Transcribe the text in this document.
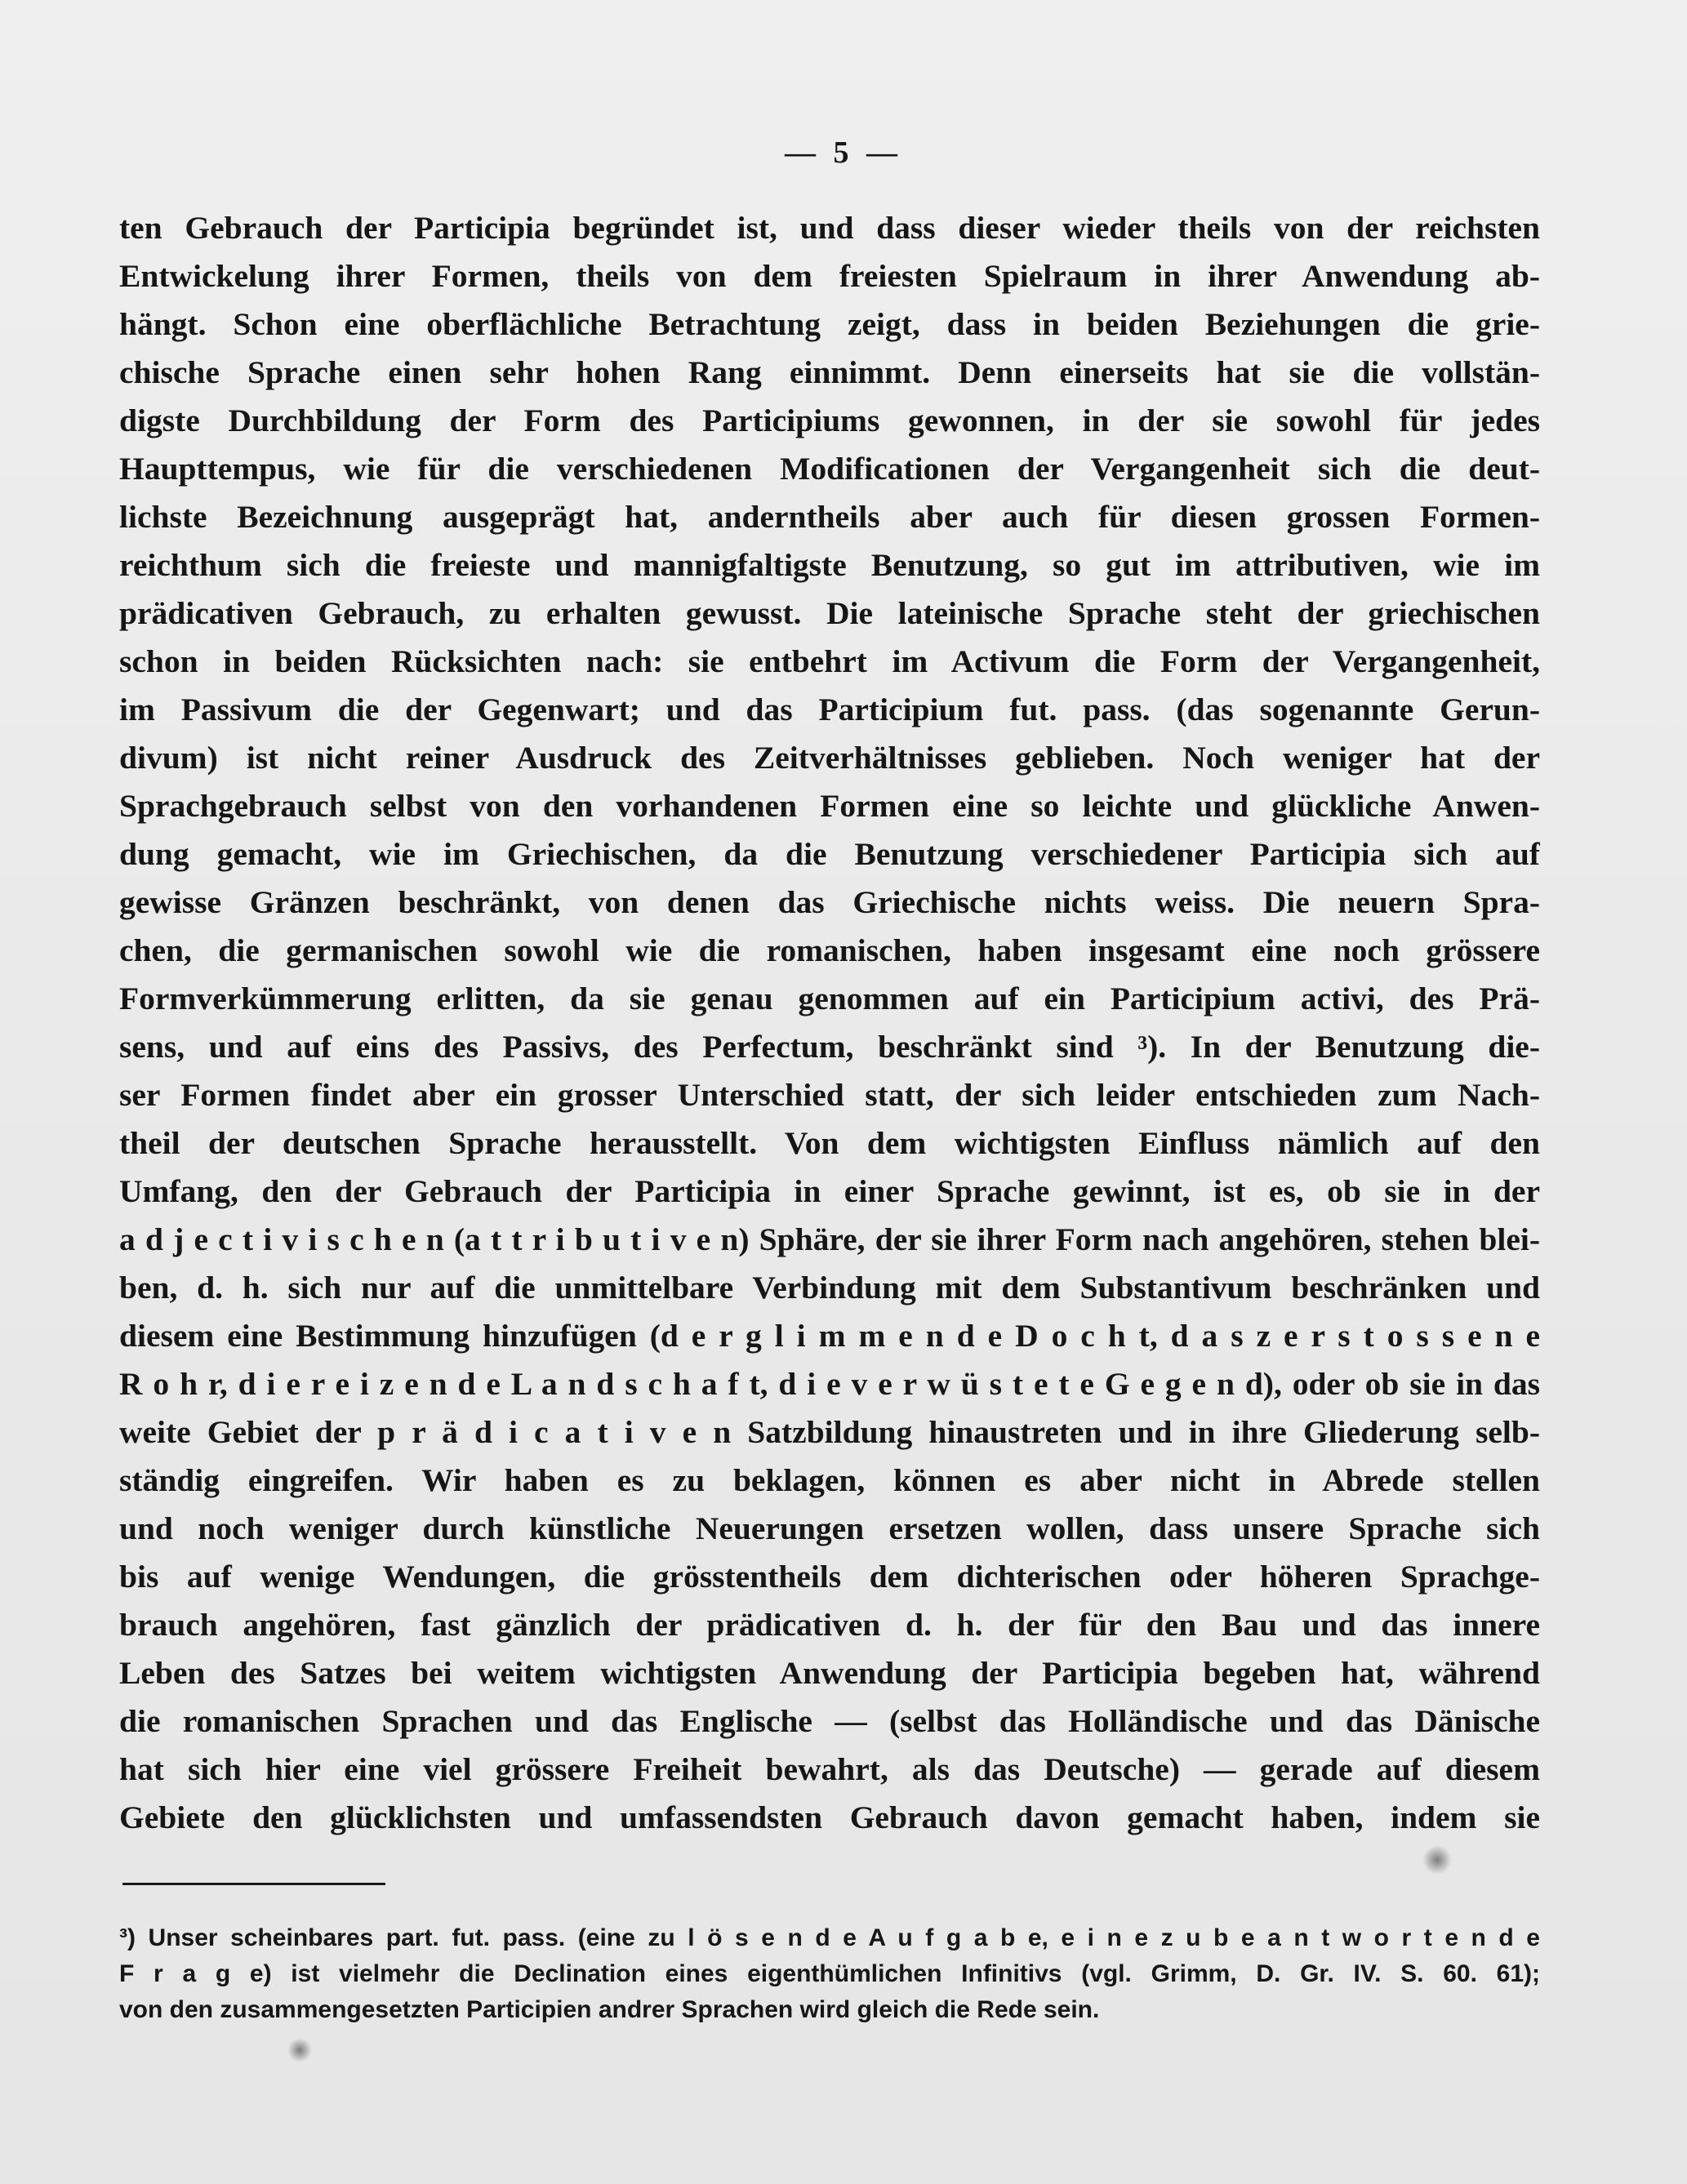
— 5 —
ten Gebrauch der Participia begründet ist, und dass dieser wieder theils von der reichsten
Entwickelung ihrer Formen, theils von dem freiesten Spielraum in ihrer Anwendung ab-
hängt. Schon eine oberflächliche Betrachtung zeigt, dass in beiden Beziehungen die grie-
chische Sprache einen sehr hohen Rang einnimmt. Denn einerseits hat sie die vollstän-
digste Durchbildung der Form des Participiums gewonnen, in der sie sowohl für jedes
Haupttempus, wie für die verschiedenen Modificationen der Vergangenheit sich die deut-
lichste Bezeichnung ausgeprägt hat, anderntheils aber auch für diesen grossen Formen-
reichthum sich die freieste und mannigfaltigste Benutzung, so gut im attributiven, wie im
prädicativen Gebrauch, zu erhalten gewusst. Die lateinische Sprache steht der griechischen
schon in beiden Rücksichten nach: sie entbehrt im Activum die Form der Vergangenheit,
im Passivum die der Gegenwart; und das Participium fut. pass. (das sogenannte Gerun-
divum) ist nicht reiner Ausdruck des Zeitverhältnisses geblieben. Noch weniger hat der
Sprachgebrauch selbst von den vorhandenen Formen eine so leichte und glückliche Anwen-
dung gemacht, wie im Griechischen, da die Benutzung verschiedener Participia sich auf
gewisse Gränzen beschränkt, von denen das Griechische nichts weiss. Die neuern Spra-
chen, die germanischen sowohl wie die romanischen, haben insgesamt eine noch grössere
Formverkümmerung erlitten, da sie genau genommen auf ein Participium activi, des Prä-
sens, und auf eins des Passivs, des Perfectum, beschränkt sind ³). In der Benutzung die-
ser Formen findet aber ein grosser Unterschied statt, der sich leider entschieden zum Nach-
theil der deutschen Sprache herausstellt. Von dem wichtigsten Einfluss nämlich auf den
Umfang, den der Gebrauch der Participia in einer Sprache gewinnt, ist es, ob sie in der
a d j e c t i v i s c h e n (a t t r i b u t i v e n) Sphäre, der sie ihrer Form nach angehören, stehen blei-
ben, d. h. sich nur auf die unmittelbare Verbindung mit dem Substantivum beschränken und
diesem eine Bestimmung hinzufügen (d e r g l i m m e n d e D o c h t, d a s z e r s t o s s e n e
R o h r, d i e r e i z e n d e L a n d s c h a f t, d i e v e r w ü s t e t e G e g e n d), oder ob sie in das
weite Gebiet der p r ä d i c a t i v e n Satzbildung hinaustreten und in ihre Gliederung selb-
ständig eingreifen. Wir haben es zu beklagen, können es aber nicht in Abrede stellen
und noch weniger durch künstliche Neuerungen ersetzen wollen, dass unsere Sprache sich
bis auf wenige Wendungen, die grösstentheils dem dichterischen oder höheren Sprachge-
brauch angehören, fast gänzlich der prädicativen d. h. der für den Bau und das innere
Leben des Satzes bei weitem wichtigsten Anwendung der Participia begeben hat, während
die romanischen Sprachen und das Englische — (selbst das Holländische und das Dänische
hat sich hier eine viel grössere Freiheit bewahrt, als das Deutsche) — gerade auf diesem
Gebiete den glücklichsten und umfassendsten Gebrauch davon gemacht haben, indem sie
³) Unser scheinbares part. fut. pass. (eine zu l ö s e n d e A u f g a b e, e i n e z u b e a n t w o r t e n d e
F r a g e) ist vielmehr die Declination eines eigenthümlichen Infinitivs (vgl. Grimm, D. Gr. IV. S. 60. 61);
von den zusammengesetzten Participien andrer Sprachen wird gleich die Rede sein.
